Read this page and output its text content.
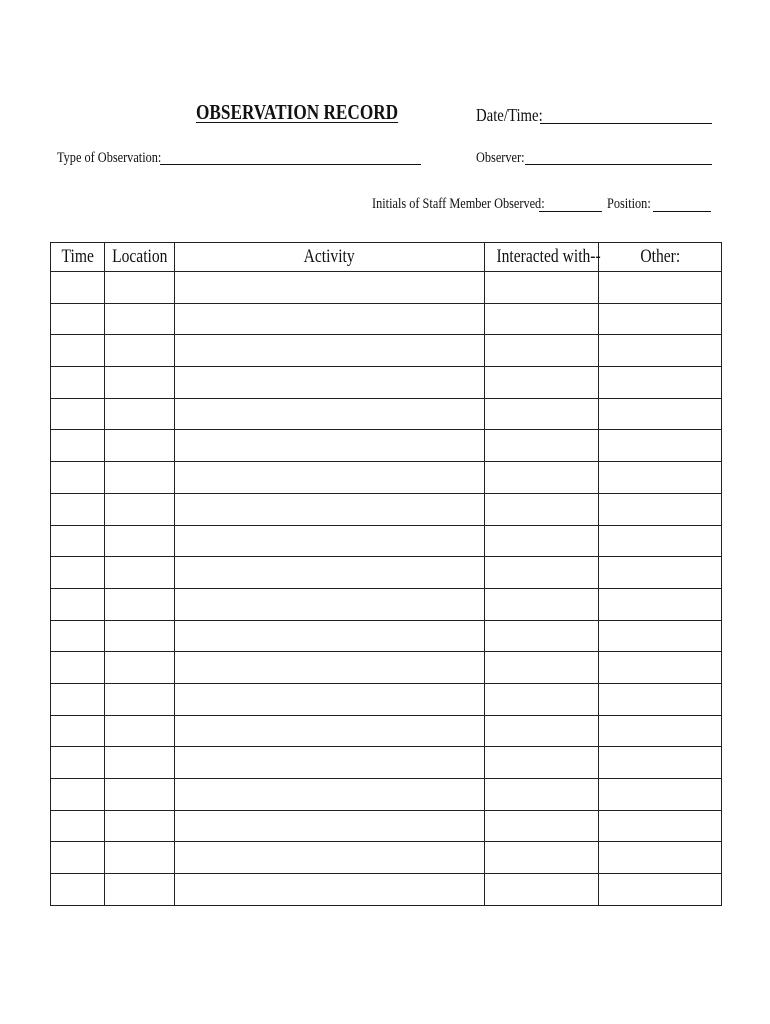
OBSERVATION RECORD	Date/Time:
Type of Observation:	Observer:
Initials of Staff Member Observed:	Position:
Time	Location	Activity	Interacted with--	Other:
